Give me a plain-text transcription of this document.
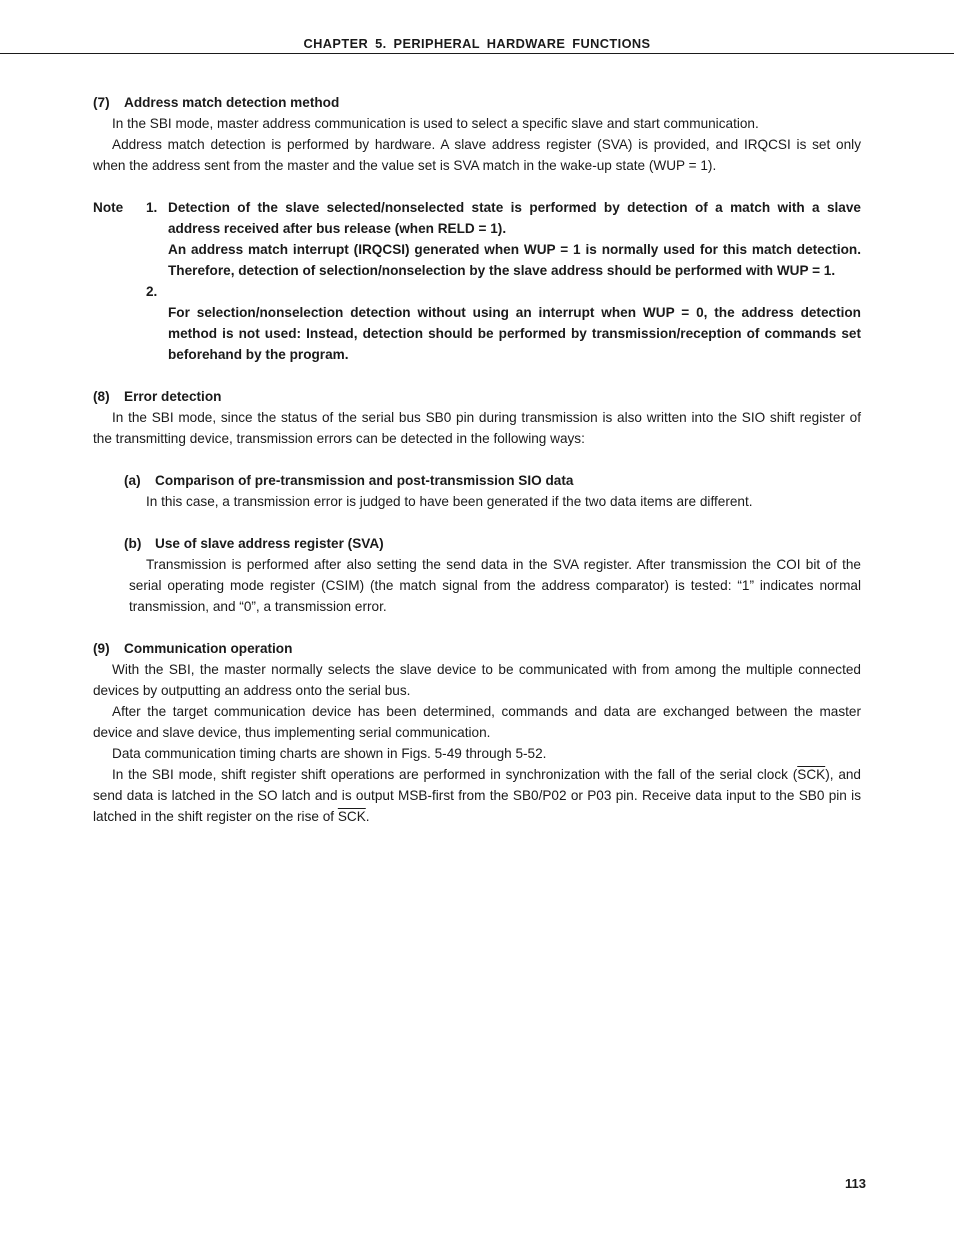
CHAPTER 5. PERIPHERAL HARDWARE FUNCTIONS
(7) Address match detection method

In the SBI mode, master address communication is used to select a specific slave and start communication.

Address match detection is performed by hardware. A slave address register (SVA) is provided, and IRQCSI is set only when the address sent from the master and the value set is SVA match in the wake-up state (WUP = 1).

Note	1. Detection of the slave selected/nonselected state is performed by detection of a match with a slave address received after bus release (when RELD = 1).
An address match interrupt (IRQCSI) generated when WUP = 1 is normally used for this match detection. Therefore, detection of selection/nonselection by the slave address should be performed with WUP = 1.
2.

For selection/nonselection detection without using an interrupt when WUP = 0, the address detection method is not used: Instead, detection should be performed by transmission/reception of commands set beforehand by the program.
(8) Error detection

In the SBI mode, since the status of the serial bus SB0 pin during transmission is also written into the SIO shift register of the transmitting device, transmission errors can be detected in the following ways:

(a) Comparison of pre-transmission and post-transmission SIO data

In this case, a transmission error is judged to have been generated if the two data items are different.

(b) Use of slave address register (SVA)

Transmission is performed after also setting the send data in the SVA register. After transmission the COI bit of the serial operating mode register (CSIM) (the match signal from the address comparator) is tested: “1” indicates normal transmission, and “0”, a transmission error.

(9) Communication operation

With the SBI, the master normally selects the slave device to be communicated with from among the multiple connected devices by outputting an address onto the serial bus.

After the target communication device has been determined, commands and data are exchanged between the master device and slave device, thus implementing serial communication.

Data communication timing charts are shown in Figs. 5-49 through 5-52.

In the SBI mode, shift register shift operations are performed in synchronization with the fall of the serial clock $(\overline{SCK})$, and send data is latched in the SO latch and is output MSB-first from the SB0/P02 or P03 pin. Receive data input to the SB0 pin is latched in the shift register on the rise of $\overline{SCK}$.

113
